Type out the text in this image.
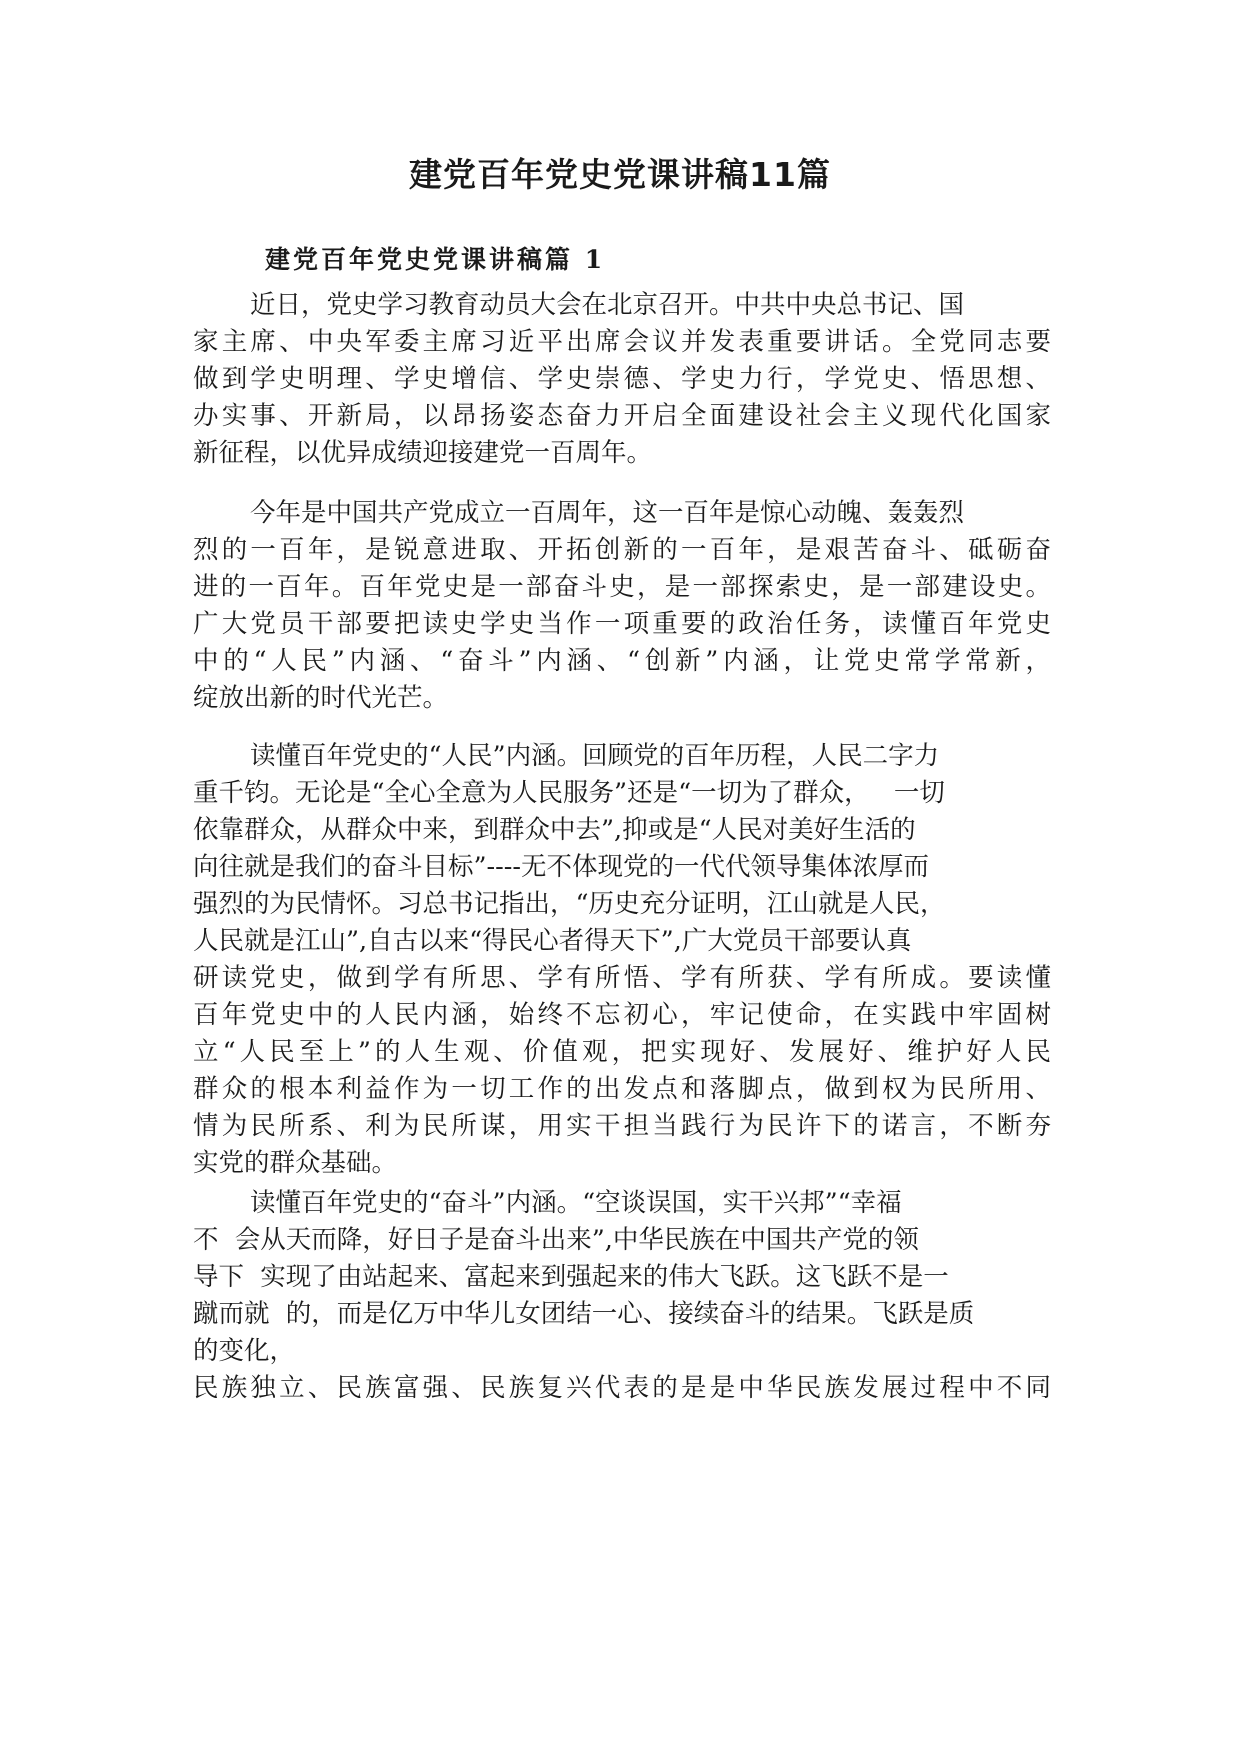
建党百年党史党课讲稿11篇
建党百年党史党课讲稿篇 1
近日，党史学习教育动员大会在北京召开。中共中央总书记、国
家主席、中央军委主席习近平出席会议并发表重要讲话。全党同志要
做到学史明理、学史增信、学史崇德、学史力行，学党史、悟思想、
办实事、开新局，以昂扬姿态奋力开启全面建设社会主义现代化国家
新征程，以优异成绩迎接建党一百周年。
今年是中国共产党成立一百周年，这一百年是惊心动魄、轰轰烈
烈的一百年，是锐意进取、开拓创新的一百年，是艰苦奋斗、砥砺奋
进的一百年。百年党史是一部奋斗史，是一部探索史，是一部建设史。
广大党员干部要把读史学史当作一项重要的政治任务，读懂百年党史
中的“人民”内涵、“奋斗”内涵、“创新”内涵，让党史常学常新，
绽放出新的时代光芒。
读懂百年党史的“人民”内涵。回顾党的百年历程，人民二字力
重千钧。无论是“全心全意为人民服务”还是“一切为了群众，   一切
依靠群众，从群众中来，到群众中去”,抑或是“人民对美好生活的
向往就是我们的奋斗目标”----无不体现党的一代代领导集体浓厚而
强烈的为民情怀。习总书记指出，“历史充分证明，江山就是人民，
人民就是江山”,自古以来“得民心者得天下”,广大党员干部要认真
研读党史，做到学有所思、学有所悟、学有所获、学有所成。要读懂
百年党史中的人民内涵，始终不忘初心，牢记使命，在实践中牢固树
立“人民至上”的人生观、价值观，把实现好、发展好、维护好人民
群众的根本利益作为一切工作的出发点和落脚点，做到权为民所用、
情为民所系、利为民所谋，用实干担当践行为民许下的诺言，不断夯
实党的群众基础。
读懂百年党史的“奋斗”内涵。“空谈误国，实干兴邦”“幸福
不  会从天而降，好日子是奋斗出来”,中华民族在中国共产党的领
导下  实现了由站起来、富起来到强起来的伟大飞跃。这飞跃不是一
蹴而就  的，而是亿万中华儿女团结一心、接续奋斗的结果。飞跃是质
的变化，
民族独立、民族富强、民族复兴代表的是是中华民族发展过程中不同
